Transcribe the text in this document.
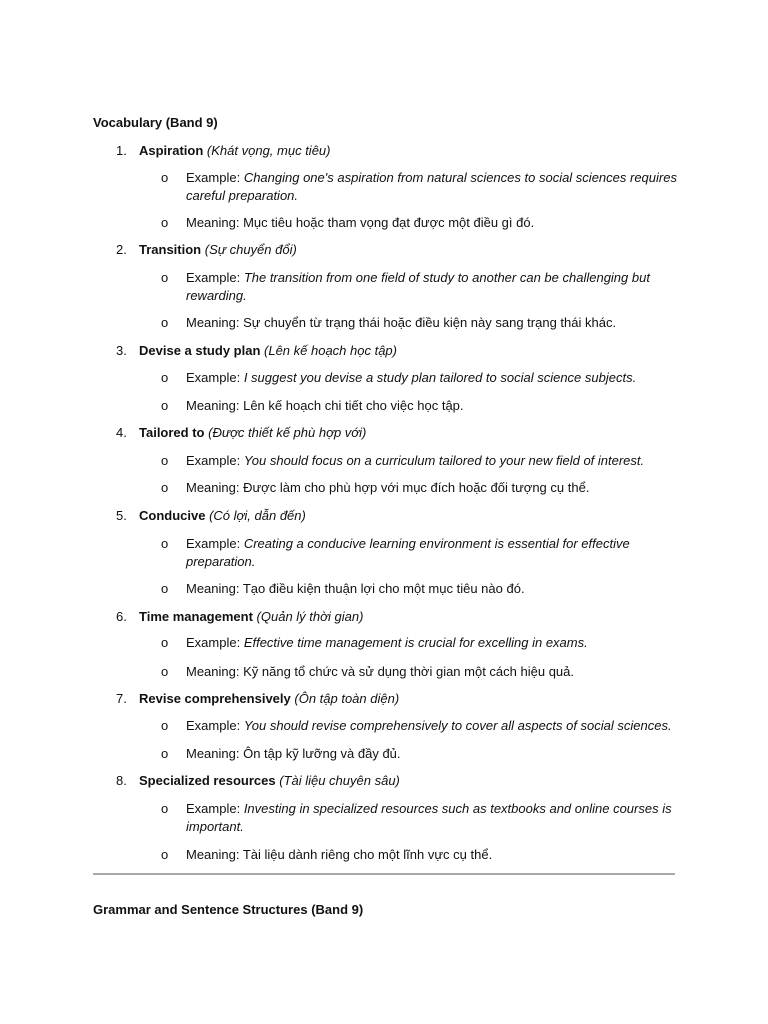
Vocabulary (Band 9)
1. Aspiration (Khát vọng, mục tiêu)
o	Example: Changing one's aspiration from natural sciences to social sciences requires careful preparation.
o	Meaning: Mục tiêu hoặc tham vọng đạt được một điều gì đó.
2. Transition (Sự chuyển đổi)
o	Example: The transition from one field of study to another can be challenging but rewarding.
o	Meaning: Sự chuyển từ trạng thái hoặc điều kiện này sang trạng thái khác.
3. Devise a study plan (Lên kế hoạch học tập)
o	Example: I suggest you devise a study plan tailored to social science subjects.
o	Meaning: Lên kế hoạch chi tiết cho việc học tập.
4. Tailored to (Được thiết kế phù hợp với)
o	Example: You should focus on a curriculum tailored to your new field of interest.
o	Meaning: Được làm cho phù hợp với mục đích hoặc đối tượng cụ thể.
5. Conducive (Có lợi, dẫn đến)
o	Example: Creating a conducive learning environment is essential for effective preparation.
o	Meaning: Tạo điều kiện thuận lợi cho một mục tiêu nào đó.
6. Time management (Quản lý thời gian)
o	Example: Effective time management is crucial for excelling in exams.
o	Meaning: Kỹ năng tổ chức và sử dụng thời gian một cách hiệu quả.
7. Revise comprehensively (Ôn tập toàn diện)
o	Example: You should revise comprehensively to cover all aspects of social sciences.
o	Meaning: Ôn tập kỹ lưỡng và đầy đủ.
8. Specialized resources (Tài liệu chuyên sâu)
o	Example: Investing in specialized resources such as textbooks and online courses is important.
o	Meaning: Tài liệu dành riêng cho một lĩnh vực cụ thể.
Grammar and Sentence Structures (Band 9)
